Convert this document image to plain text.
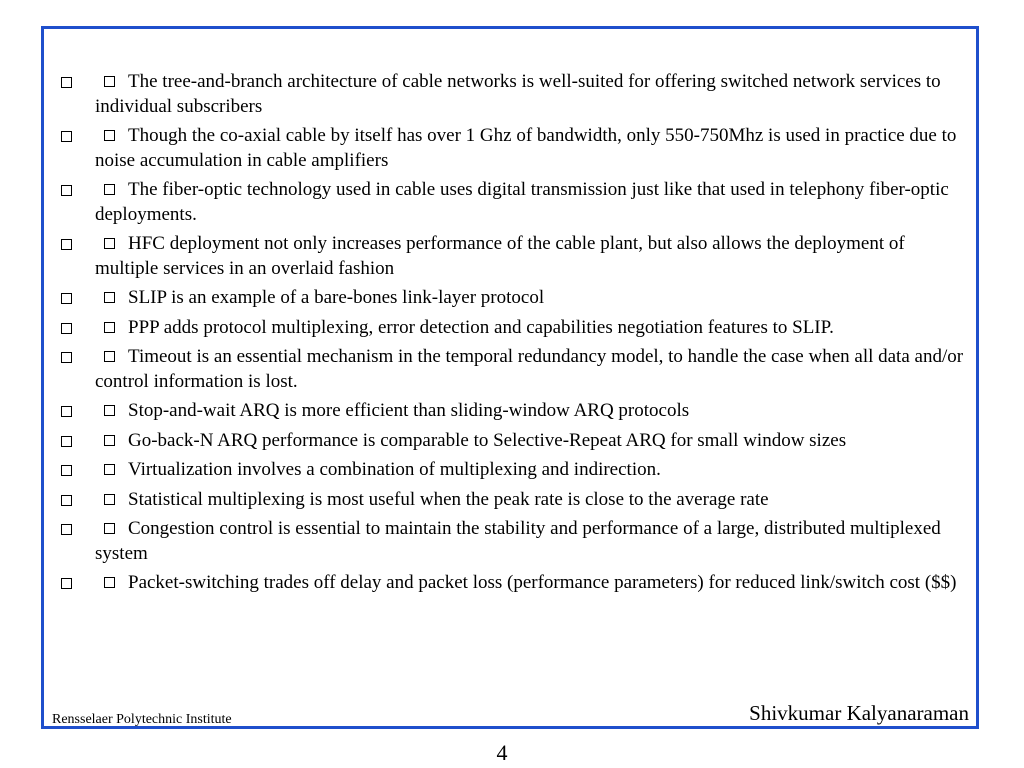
The tree-and-branch architecture of cable networks is well-suited for offering switched network services to individual subscribers
Though the co-axial cable by itself has over 1 Ghz of bandwidth, only 550-750Mhz is used in practice due to noise accumulation in cable amplifiers
The fiber-optic technology used in cable uses digital transmission just like that used in telephony fiber-optic deployments.
HFC deployment not only increases performance of the cable plant, but also allows the deployment of multiple services in an overlaid fashion
SLIP is an example of a bare-bones link-layer protocol
PPP adds protocol multiplexing, error detection and capabilities negotiation features to SLIP.
Timeout is an essential mechanism in the temporal redundancy model, to handle the case when all data and/or control information is lost.
Stop-and-wait ARQ is more efficient than sliding-window ARQ protocols
Go-back-N ARQ performance is comparable to Selective-Repeat ARQ for small window sizes
Virtualization involves a combination of multiplexing and indirection.
Statistical multiplexing is most useful when the peak rate is close to the average rate
Congestion control is essential to maintain the stability and performance of a large, distributed multiplexed system
Packet-switching trades off delay and packet loss (performance parameters) for reduced link/switch cost ($$)
Rensselaer Polytechnic Institute	Shivkumar Kalyanaraman
4
